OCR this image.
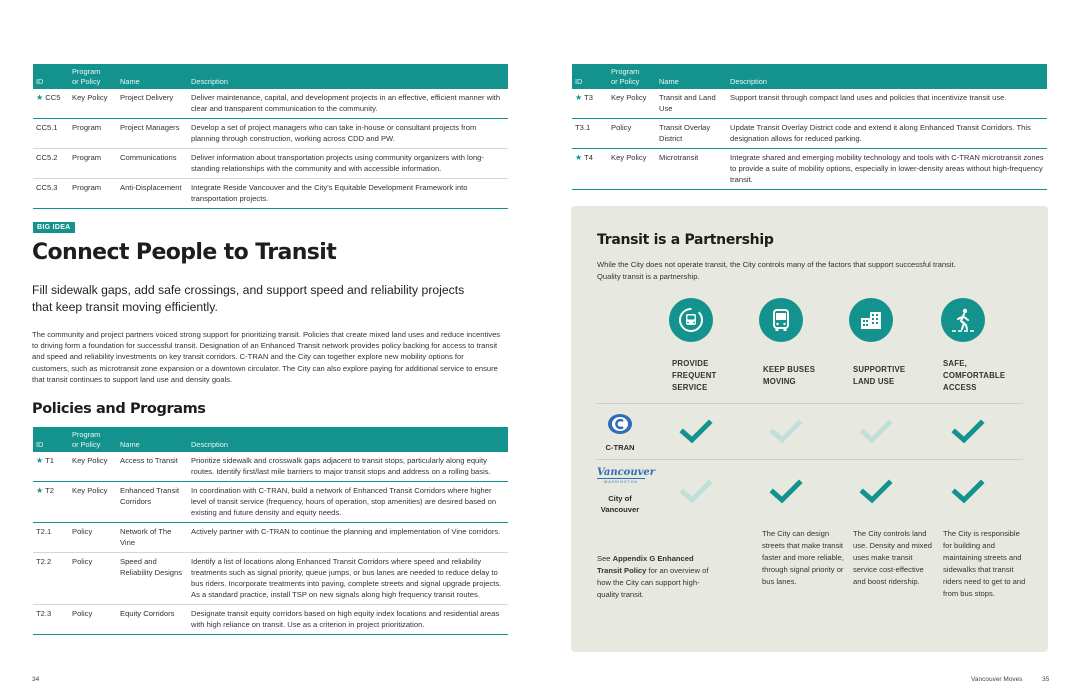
ID	Program
or Policy	Name	Description
★ CC5	Key Policy	Project Delivery	Deliver maintenance, capital, and development projects in an effective, efficient manner with clear and transparent communication to the community.
CC5.1	Program	Project Managers	Develop a set of project managers who can take in-house or consultant projects from planning through construction, working across CDD and PW.
CC5.2	Program	Communications	Deliver information about transportation projects using community organizers with long-standing relationships with the community and with accessible information.
CC5.3	Program	Anti-Displacement	Integrate Reside Vancouver and the City's Equitable Development Framework into transportation projects.
ID	Program
or Policy	Name	Description
★ T3	Key Policy	Transit and Land Use	Support transit through compact land uses and policies that incentivize transit use.
T3.1	Policy	Transit Overlay District	Update Transit Overlay District code and extend it along Enhanced Transit Corridors. This designation allows for reduced parking.
★ T4	Key Policy	Microtransit	Integrate shared and emerging mobility technology and tools with C-TRAN microtransit zones to provide a suite of mobility options, especially in lower-density areas without high-frequency transit.
BIG IDEA
Connect People to Transit
Fill sidewalk gaps, add safe crossings, and support speed and reliability projects that keep transit moving efficiently.
The community and project partners voiced strong support for prioritizing transit. Policies that create mixed land uses and reduce incentives to driving form a foundation for successful transit. Designation of an Enhanced Transit network provides policy backing for access to transit and speed and reliability investments on key transit corridors. C-TRAN and the City can together explore new mobility options for customers, such as microtransit zone expansion or a downtown circulator. The City can also explore paying for additional service to ensure that transit continues to support land use and density goals.
Policies and Programs
ID	Program
or Policy	Name	Description
★ T1	Key Policy	Access to Transit	Prioritize sidewalk and crosswalk gaps adjacent to transit stops, particularly along equity routes. Identify first/last mile barriers to major transit stops and address on a rolling basis.
★ T2	Key Policy	Enhanced Transit Corridors	In coordination with C-TRAN, build a network of Enhanced Transit Corridors where higher level of transit service (frequency, hours of operation, stop amenities) are desired based on existing and future density and equity needs.
T2.1	Policy	Network of The Vine	Actively partner with C-TRAN to continue the planning and implementation of Vine corridors.
T2.2	Policy	Speed and Reliability Designs	Identify a list of locations along Enhanced Transit Corridors where speed and reliability treatments such as signal priority, queue jumps, or bus lanes are needed to reduce delay to bus riders. Incorporate treatments into paving, complete streets and signal upgrade projects. As a standard practice, install TSP on new signals along high frequency transit routes.
T2.3	Policy	Equity Corridors	Designate transit equity corridors based on high equity index locations and residential areas with high reliance on transit. Use as a criterion in project prioritization.
Transit is a Partnership
While the City does not operate transit, the City controls many of the factors that support successful transit. Quality transit is a partnership.
PROVIDE FREQUENT SERVICE
KEEP BUSES MOVING
SUPPORTIVE LAND USE
SAFE, COMFORTABLE ACCESS
C-TRAN
Vancouver
WASHINGTON
City of Vancouver
See Appendix G Enhanced Transit Policy for an overview of how the City can support high-quality transit.
The City can design streets that make transit faster and more reliable, through signal priority or bus lanes.
The City controls land use. Density and mixed uses make transit service cost-effective and boost ridership.
The City is responsible for building and maintaining streets and sidewalks that transit riders need to get to and from bus stops.
34	Vancouver Moves	35
